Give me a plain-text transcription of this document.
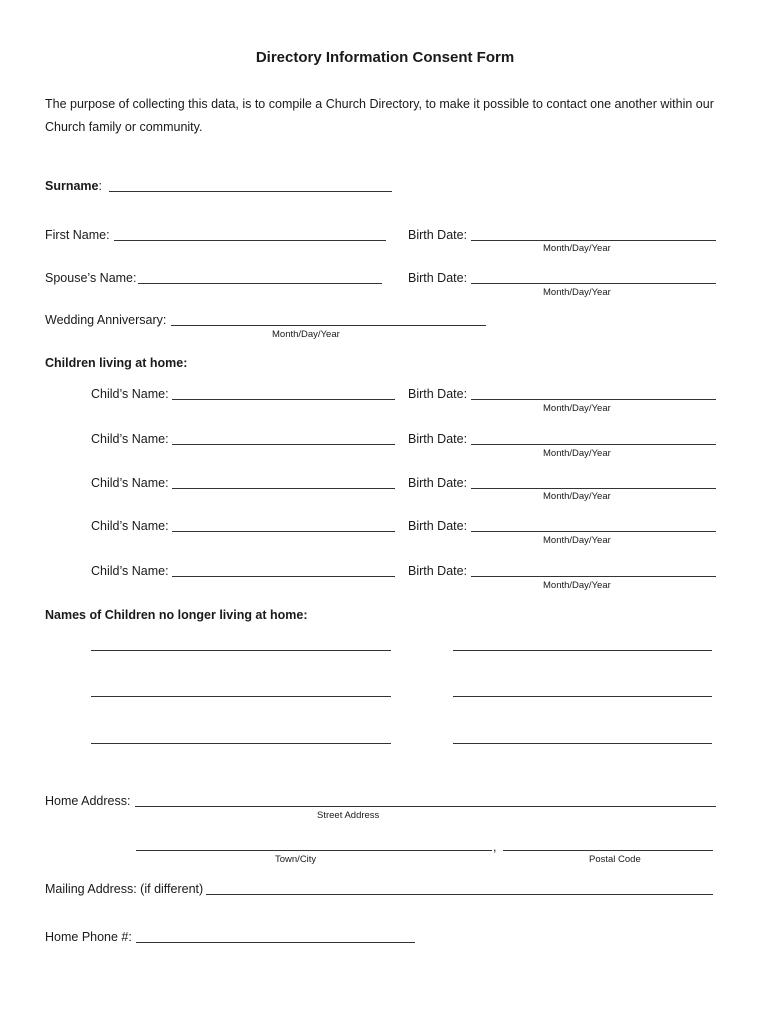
Directory Information Consent Form
The purpose of collecting this data, is to compile a Church Directory, to make it possible to contact one another within our Church family or community.
Surname:
First Name:	Birth Date:
Month/Day/Year
Spouse’s Name:	Birth Date:
Month/Day/Year
Wedding Anniversary:
Month/Day/Year
Children living at home:
Child’s Name:	Birth Date:
Month/Day/Year
Child’s Name:	Birth Date:
Month/Day/Year
Child’s Name:	Birth Date:
Month/Day/Year
Child’s Name:	Birth Date:
Month/Day/Year
Child’s Name:	Birth Date:
Month/Day/Year
Names of Children no longer living at home:
Home Address:
Street Address
,
Town/City	Postal Code
Mailing Address: (if different)
Home Phone #:
